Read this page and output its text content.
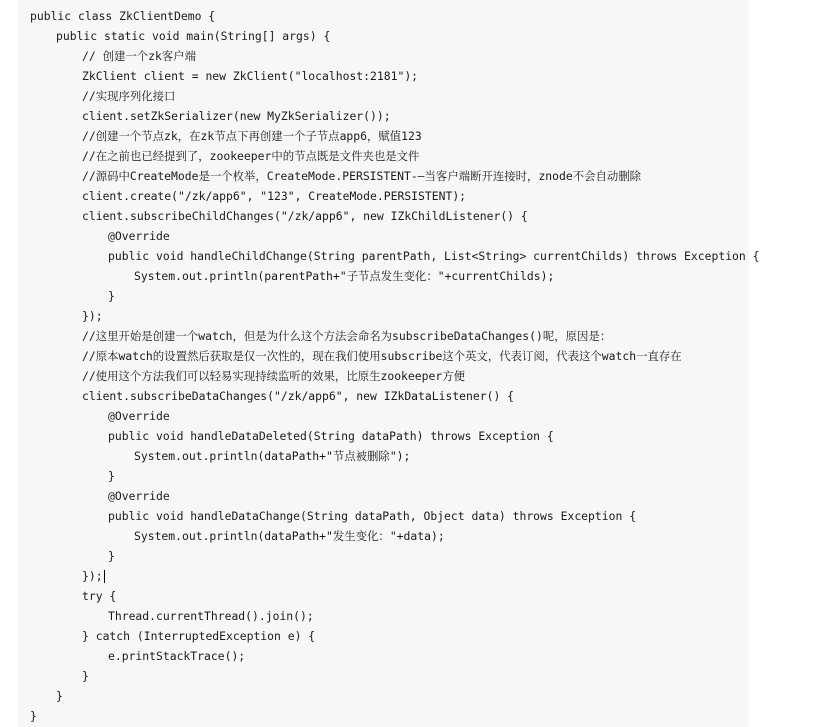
public class ZkClientDemo {
public static void main(String[] args) {
// 创建一个zk客户端
ZkClient client = new ZkClient("localhost:2181");
//实现序列化接口
client.setZkSerializer(new MyZkSerializer());
//创建一个节点zk，在zk节点下再创建一个子节点app6，赋值123
//在之前也已经提到了，zookeeper中的节点既是文件夹也是文件
//源码中CreateMode是一个枚举，CreateMode.PERSISTENT-—当客户端断开连接时，znode不会自动删除
client.create("/zk/app6", "123", CreateMode.PERSISTENT);
client.subscribeChildChanges("/zk/app6", new IZkChildListener() {
@Override
public void handleChildChange(String parentPath, List<String> currentChilds) throws Exception {
System.out.println(parentPath+"子节点发生变化："+currentChilds);
}
});
//这里开始是创建一个watch，但是为什么这个方法会命名为subscribeDataChanges()呢，原因是：
//原本watch的设置然后获取是仅一次性的，现在我们使用subscribe这个英文，代表订阅，代表这个watch一直存在
//使用这个方法我们可以轻易实现持续监听的效果，比原生zookeeper方便
client.subscribeDataChanges("/zk/app6", new IZkDataListener() {
@Override
public void handleDataDeleted(String dataPath) throws Exception {
System.out.println(dataPath+"节点被删除");
}
@Override
public void handleDataChange(String dataPath, Object data) throws Exception {
System.out.println(dataPath+"发生变化："+data);
}
});
try {
Thread.currentThread().join();
} catch (InterruptedException e) {
e.printStackTrace();
}
}
}
